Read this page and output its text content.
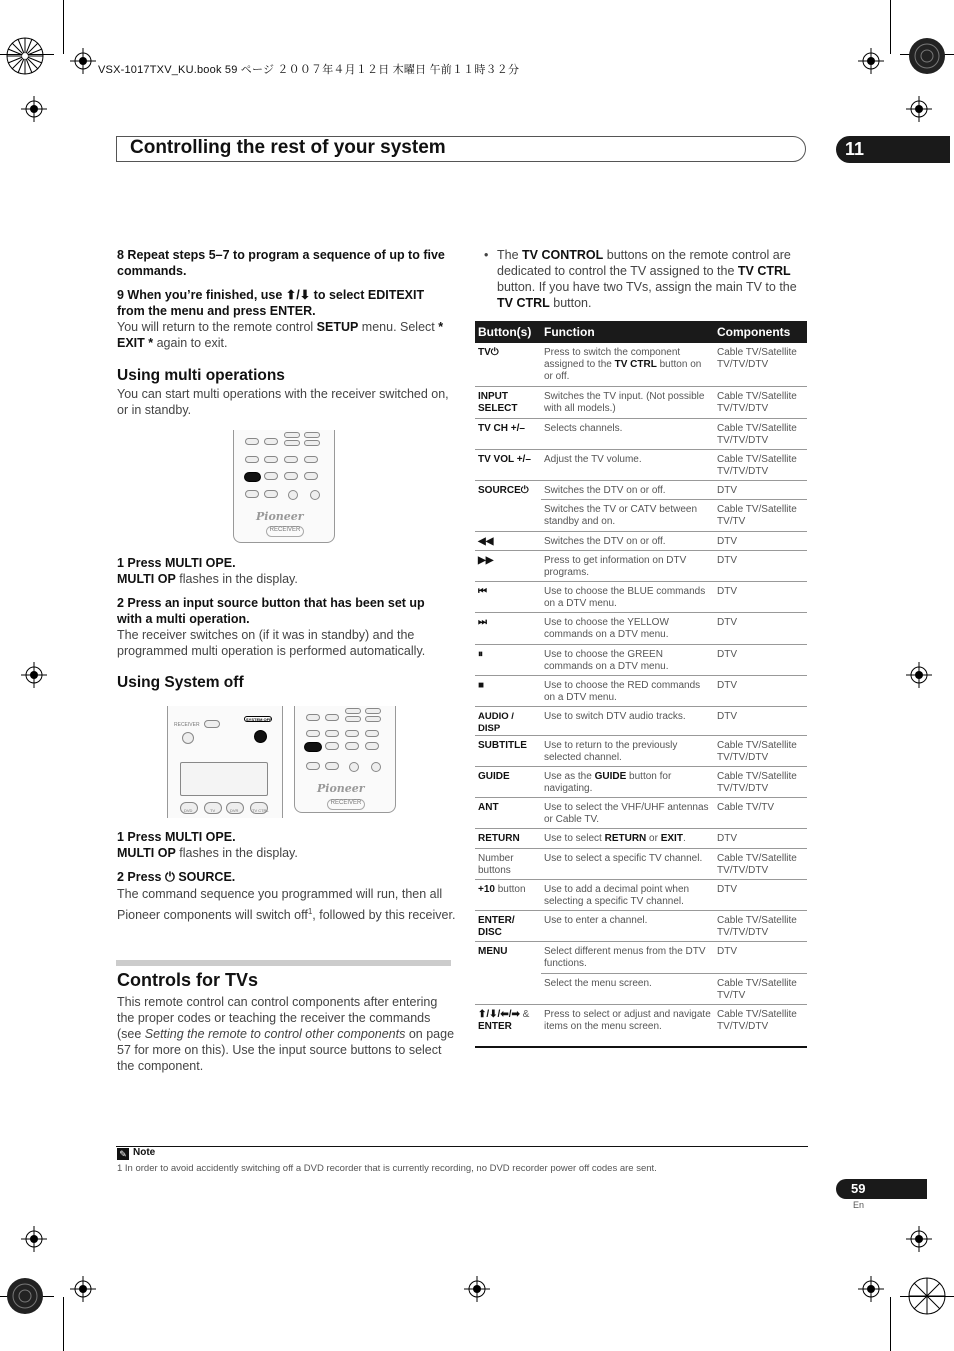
VSX-1017TXV_KU.book 59 ページ ２００７年４月１２日 木曜日 午前１１時３２分
Controlling the rest of your system	11
8 Repeat steps 5–7 to program a sequence of up to five commands.
9 When you’re finished, use ⬆/⬇ to select EDITEXIT from the menu and press ENTER.
You will return to the remote control SETUP menu. Select * EXIT * again to exit.
Using multi operations
You can start multi operations with the receiver switched on, or in standby.
Pioneer
RECEIVER
1 Press MULTI OPE.
MULTI OP flashes in the display.
2 Press an input source button that has been set up with a multi operation.
The receiver switches on (if it was in standby) and the programmed multi operation is performed automatically.
Using System off
RECEIVER
SYSTEM OFF
DVD	TV	DVR	TV CTRL
Pioneer
RECEIVER
1 Press MULTI OPE.
MULTI OP flashes in the display.
2 Press ⏻ SOURCE.
The command sequence you programmed will run, then all Pioneer components will switch off$^1$, followed by this receiver.
Controls for TVs
This remote control can control components after entering the proper codes or teaching the receiver the commands (see Setting the remote to control other components on page 57 for more on this). Use the input source buttons to select the component.
• The TV CONTROL buttons on the remote control are dedicated to control the TV assigned to the TV CTRL button. If you have two TVs, assign the main TV to the TV CTRL button.
Button(s)	Function	Components
TV⏻	Press to switch the component assigned to the TV CTRL button on or off.	Cable TV/Satellite TV/TV/DTV
INPUT SELECT	Switches the TV input. (Not possible with all models.)	Cable TV/Satellite TV/TV/DTV
TV CH +/–	Selects channels.	Cable TV/Satellite TV/TV/DTV
TV VOL +/–	Adjust the TV volume.	Cable TV/Satellite TV/TV/DTV
SOURCE⏻	Switches the DTV on or off.	DTV
	Switches the TV or CATV between standby and on.	Cable TV/Satellite TV/TV
◀◀	Switches the DTV on or off.	DTV
▶▶	Press to get information on DTV programs.	DTV
⏮	Use to choose the BLUE commands on a DTV menu.	DTV
⏭	Use to choose the YELLOW commands on a DTV menu.	DTV
⏸	Use to choose the GREEN commands on a DTV menu.	DTV
■	Use to choose the RED commands on a DTV menu.	DTV
AUDIO / DISP	Use to switch DTV audio tracks.	DTV
SUBTITLE	Use to return to the previously selected channel.	Cable TV/Satellite TV/TV/DTV
GUIDE	Use as the GUIDE button for navigating.	Cable TV/Satellite TV/TV/DTV
ANT	Use to select the VHF/UHF antennas or Cable TV.	Cable TV/TV
RETURN	Use to select RETURN or EXIT.	DTV
Number buttons	Use to select a specific TV channel.	Cable TV/Satellite TV/TV/DTV
+10 button	Use to add a decimal point when selecting a specific TV channel.	DTV
ENTER/ DISC	Use to enter a channel.	Cable TV/Satellite TV/TV/DTV
MENU	Select different menus from the DTV functions.	DTV
	Select the menu screen.	Cable TV/Satellite TV/TV
⬆/⬇/⬅/➡ & ENTER	Press to select or adjust and navigate items on the menu screen.	Cable TV/Satellite TV/TV/DTV
✎ Note
1 In order to avoid accidently switching off a DVD recorder that is currently recording, no DVD recorder power off codes are sent.
59
En
